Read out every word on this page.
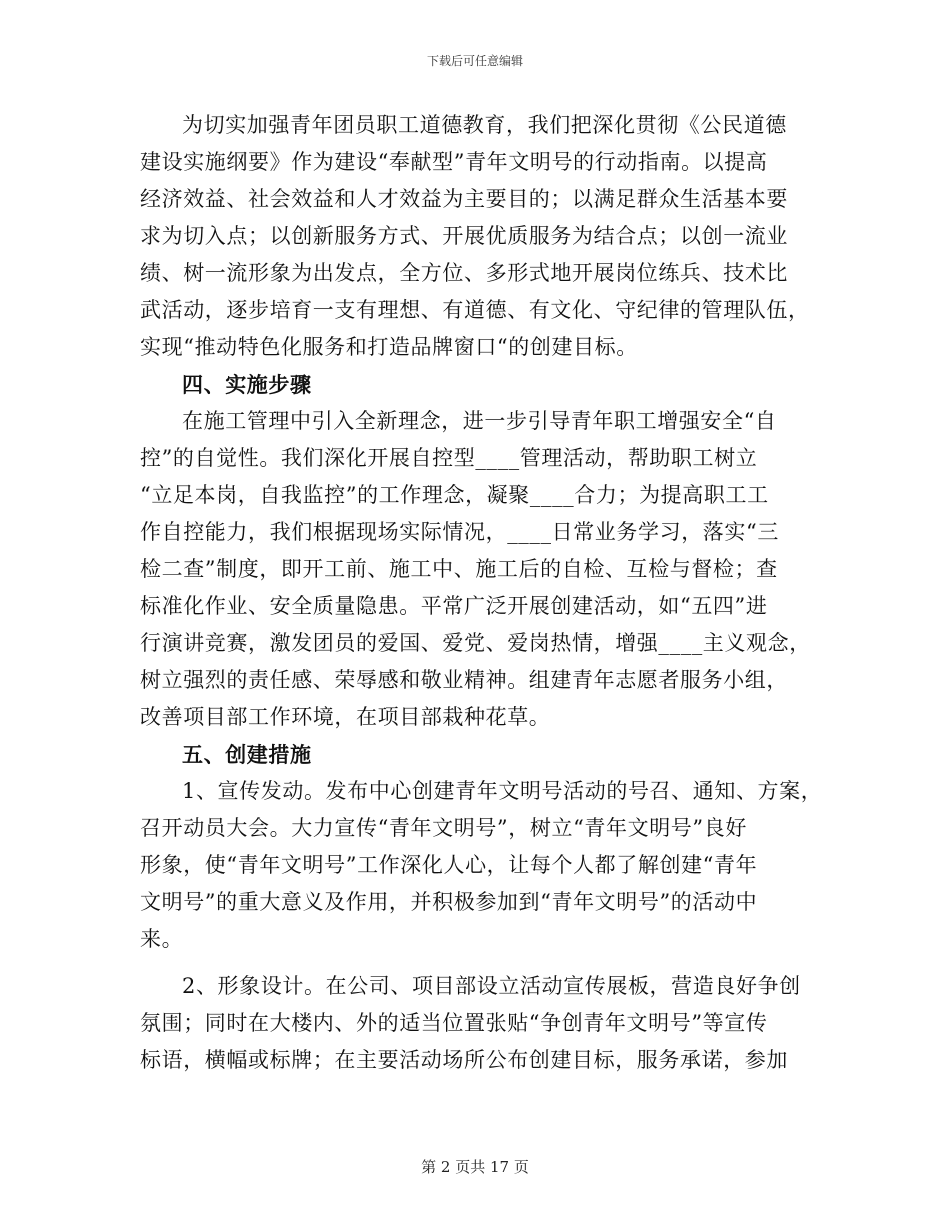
下载后可任意编辑
为切实加强青年团员职工道德教育，我们把深化贯彻《公民道德
建设实施纲要》作为建设“奉献型”青年文明号的行动指南。以提高
经济效益、社会效益和人才效益为主要目的；以满足群众生活基本要
求为切入点；以创新服务方式、开展优质服务为结合点；以创一流业
绩、树一流形象为出发点，全方位、多形式地开展岗位练兵、技术比
武活动，逐步培育一支有理想、有道德、有文化、守纪律的管理队伍，
实现“推动特色化服务和打造品牌窗口“的创建目标。
四、实施步骤
在施工管理中引入全新理念，进一步引导青年职工增强安全“自
控”的自觉性。我们深化开展自控型____管理活动，帮助职工树立
“立足本岗，自我监控”的工作理念，凝聚____合力；为提高职工工
作自控能力，我们根据现场实际情况，____日常业务学习，落实“三
检二查”制度，即开工前、施工中、施工后的自检、互检与督检；查
标准化作业、安全质量隐患。平常广泛开展创建活动，如“五四”进
行演讲竞赛，激发团员的爱国、爱党、爱岗热情，增强____主义观念，
树立强烈的责任感、荣辱感和敬业精神。组建青年志愿者服务小组，
改善项目部工作环境，在项目部栽种花草。
五、创建措施
1、宣传发动。发布中心创建青年文明号活动的号召、通知、方案，
召开动员大会。大力宣传“青年文明号”，树立“青年文明号”良好
形象，使“青年文明号”工作深化人心，让每个人都了解创建“青年
文明号”的重大意义及作用，并积极参加到“青年文明号”的活动中
来。
2、形象设计。在公司、项目部设立活动宣传展板，营造良好争创
氛围；同时在大楼内、外的适当位置张贴“争创青年文明号”等宣传
标语，横幅或标牌；在主要活动场所公布创建目标，服务承诺，参加
第 2 页共 17 页
